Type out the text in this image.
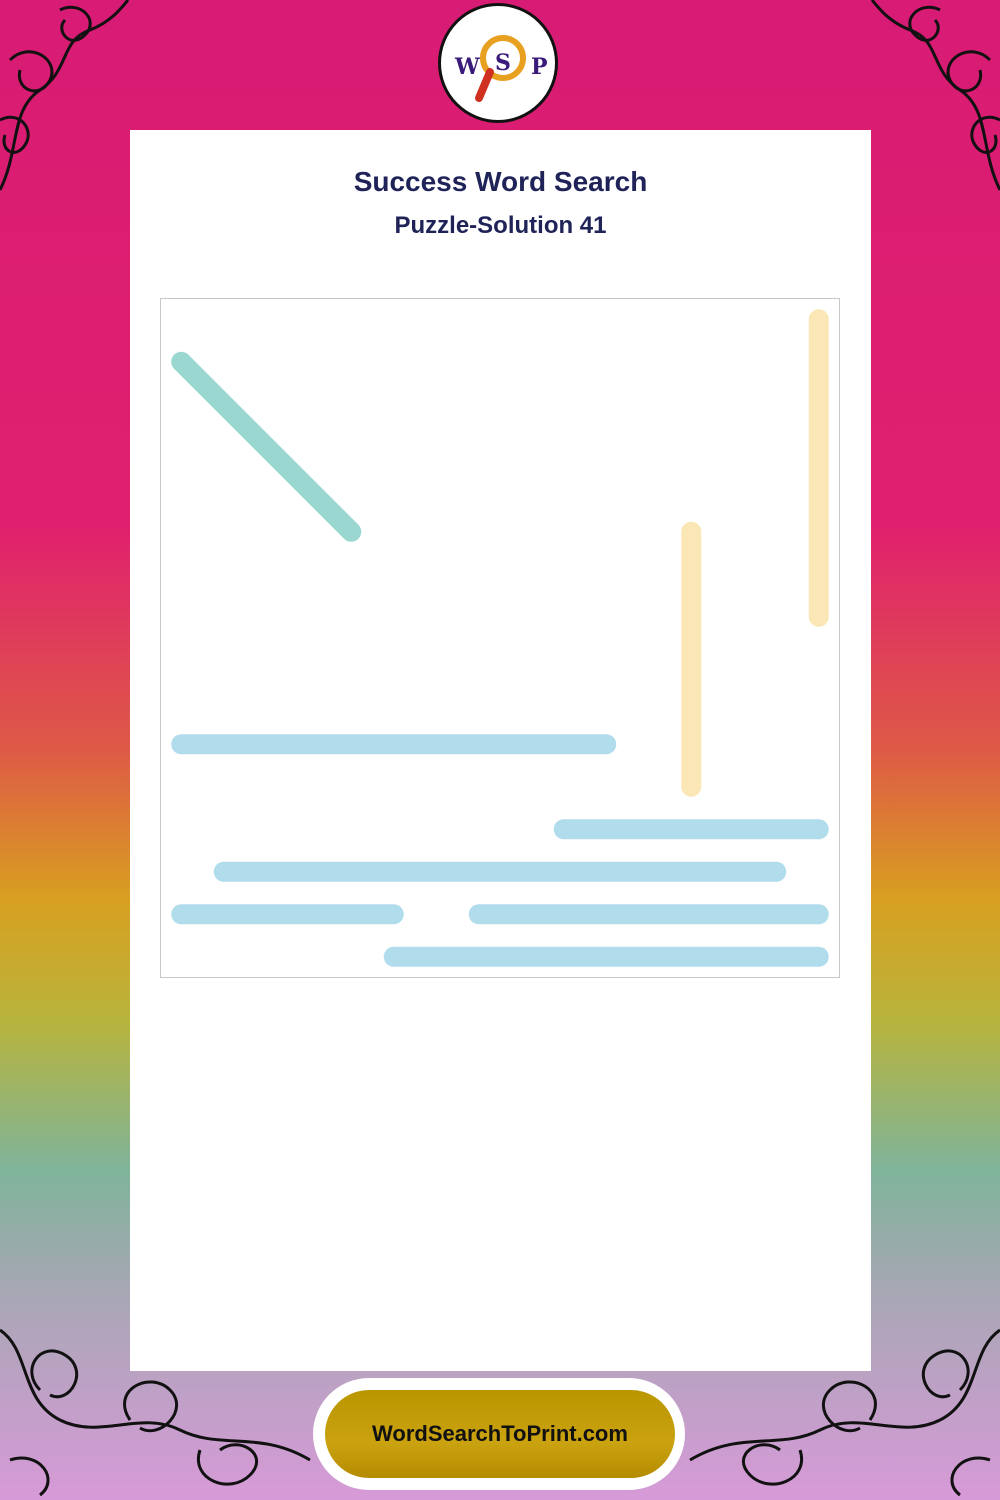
W S P
Success Word Search
Puzzle-Solution 41
WordSearchToPrint.com
